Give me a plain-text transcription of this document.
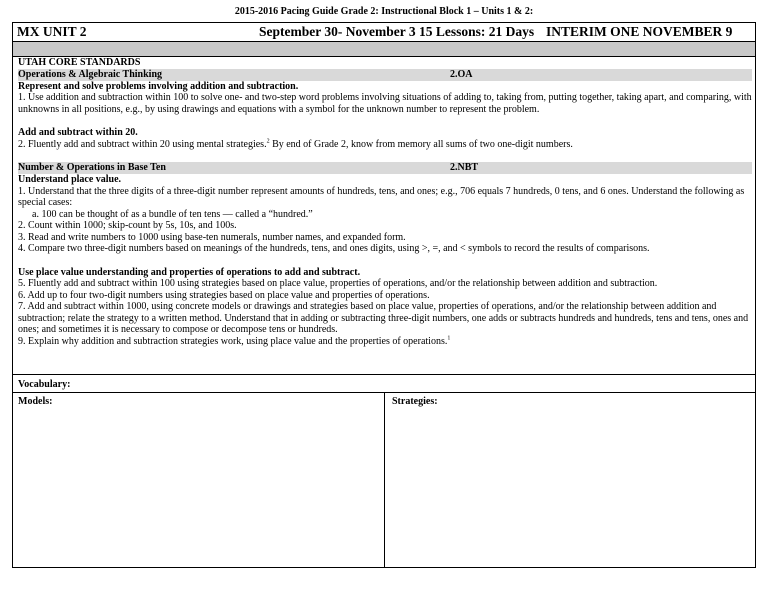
2015-2016 Pacing Guide Grade 2: Instructional Block 1 – Units 1 & 2:
MX UNIT 2	September 30- November 3 15 Lessons: 21 Days INTERIM ONE NOVEMBER 9

UTAH CORE STANDARDS

Operations & Algebraic Thinking	2.OA

Represent and solve problems involving addition and subtraction.

1. Use addition and subtraction within 100 to solve one- and two-step word problems involving situations of adding to, taking from, putting together, taking apart, and comparing, with unknowns in all positions, e.g., by using drawings and equations with a symbol for the unknown number to represent the problem.

Add and subtract within 20.

2. Fluently add and subtract within 20 using mental strategies.$^2$ By end of Grade 2, know from memory all sums of two one-digit numbers.

Number & Operations in Base Ten	2.NBT

Understand place value.

1. Understand that the three digits of a three-digit number represent amounts of hundreds, tens, and ones; e.g., 706 equals 7 hundreds, 0 tens, and 6 ones. Understand the following as special cases:

a. 100 can be thought of as a bundle of ten tens — called a “hundred.”

2. Count within 1000; skip-count by 5s, 10s, and 100s.

3. Read and write numbers to 1000 using base-ten numerals, number names, and expanded form.

4. Compare two three-digit numbers based on meanings of the hundreds, tens, and ones digits, using >, =, and < symbols to record the results of comparisons.

Use place value understanding and properties of operations to add and subtract.

5. Fluently add and subtract within 100 using strategies based on place value, properties of operations, and/or the relationship between addition and subtraction.

6. Add up to four two-digit numbers using strategies based on place value and properties of operations.

7. Add and subtract within 1000, using concrete models or drawings and strategies based on place value, properties of operations, and/or the relationship between addition and subtraction; relate the strategy to a written method. Understand that in adding or subtracting three-digit numbers, one adds or subtracts hundreds and hundreds, tens and tens, ones and ones; and sometimes it is necessary to compose or decompose tens or hundreds.

9. Explain why addition and subtraction strategies work, using place value and the properties of operations.$^1$

Vocabulary:
Models:	Strategies:
